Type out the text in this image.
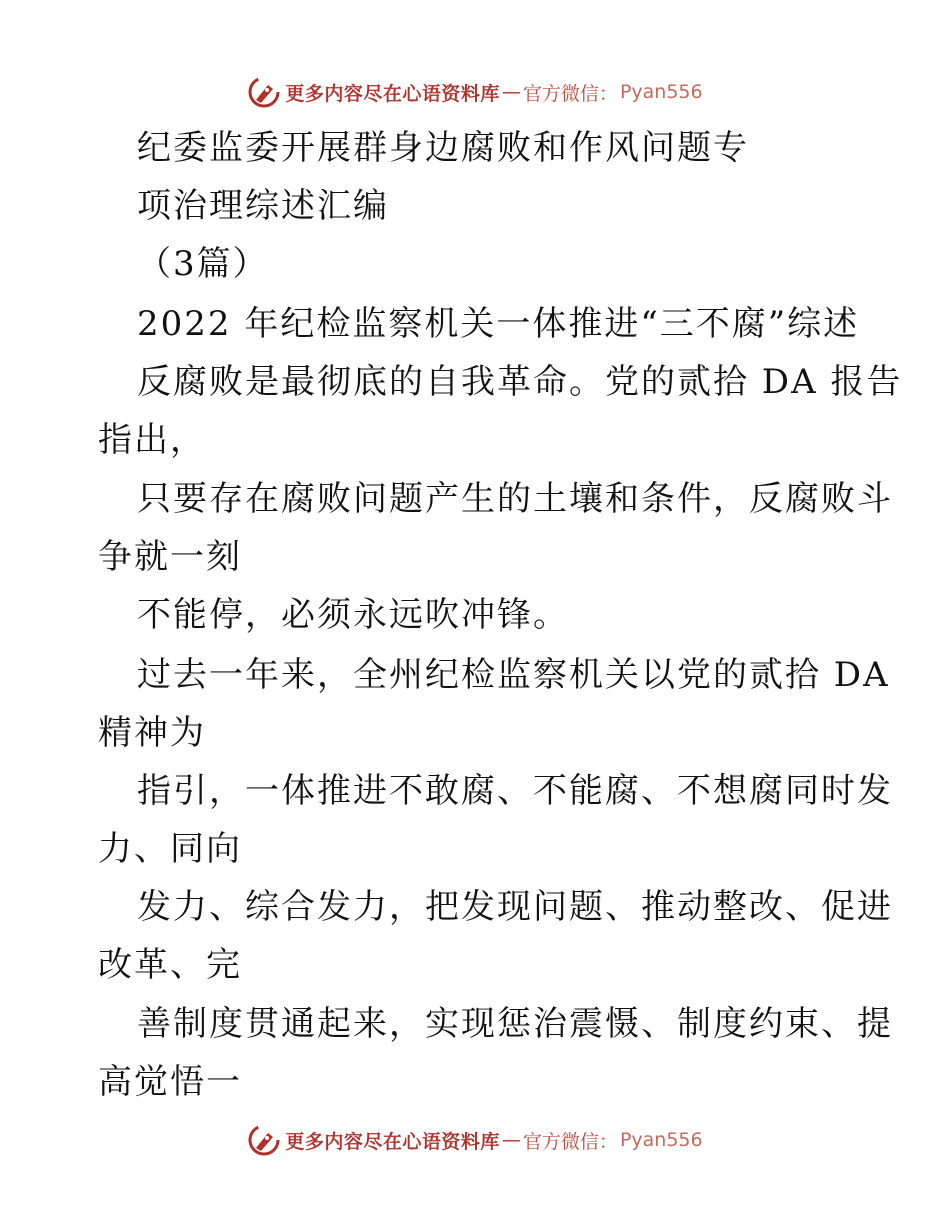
更多内容尽在心语资料库 — 官方微信： Pyan556
纪委监委开展群身边腐败和作风问题专
项治理综述汇编
（3篇）
2022 年纪检监察机关一体推进“三不腐”综述
反腐败是最彻底的自我革命。党的贰拾 DA 报告
指出，
只要存在腐败问题产生的土壤和条件，反腐败斗
争就一刻
不能停，必须永远吹冲锋。
过去一年来，全州纪检监察机关以党的贰拾 DA
精神为
指引，一体推进不敢腐、不能腐、不想腐同时发
力、同向
发力、综合发力，把发现问题、推动整改、促进
改革、完
善制度贯通起来，实现惩治震慑、制度约束、提
高觉悟一
更多内容尽在心语资料库 — 官方微信： Pyan556
